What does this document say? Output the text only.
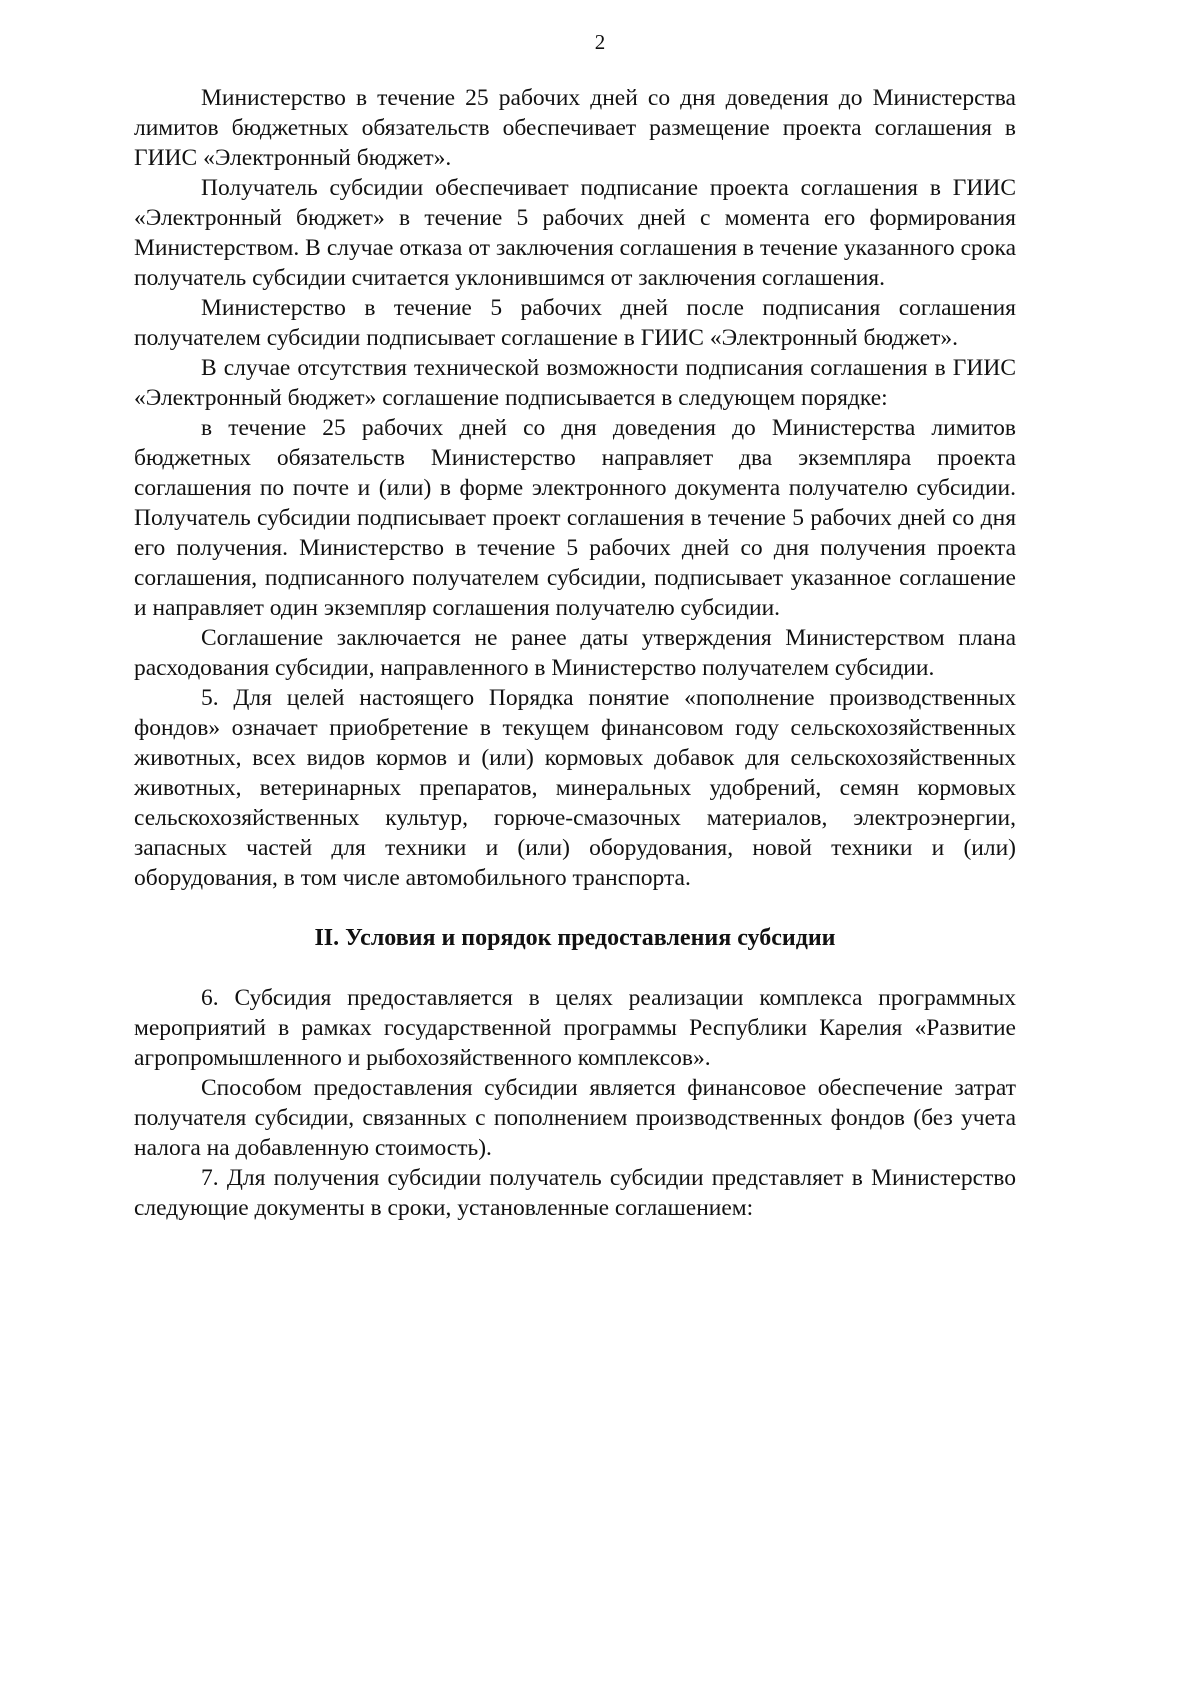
2

Министерство в течение 25 рабочих дней со дня доведения до Министерства лимитов бюджетных обязательств обеспечивает размещение проекта соглашения в ГИИС «Электронный бюджет».

Получатель субсидии обеспечивает подписание проекта соглашения в ГИИС «Электронный бюджет» в течение 5 рабочих дней с момента его формирования Министерством. В случае отказа от заключения соглашения в течение указанного срока получатель субсидии считается уклонившимся от заключения соглашения.

Министерство в течение 5 рабочих дней после подписания соглашения получателем субсидии подписывает соглашение в ГИИС «Электронный бюджет».

В случае отсутствия технической возможности подписания соглашения в ГИИС «Электронный бюджет» соглашение подписывается в следующем порядке:

в течение 25 рабочих дней со дня доведения до Министерства лимитов бюджетных обязательств Министерство направляет два экземпляра проекта соглашения по почте и (или) в форме электронного документа получателю субсидии. Получатель субсидии подписывает проект соглашения в течение 5 рабочих дней со дня его получения. Министерство в течение 5 рабочих дней со дня получения проекта соглашения, подписанного получателем субсидии, подписывает указанное соглашение и направляет один экземпляр соглашения получателю субсидии.

Соглашение заключается не ранее даты утверждения Министерством плана расходования субсидии, направленного в Министерство получателем субсидии.

5. Для целей настоящего Порядка понятие «пополнение производственных фондов» означает приобретение в текущем финансовом году сельскохозяйственных животных, всех видов кормов и (или) кормовых добавок для сельскохозяйственных животных, ветеринарных препаратов, минеральных удобрений, семян кормовых сельскохозяйственных культур, горюче-смазочных материалов, электроэнергии, запасных частей для техники и (или) оборудования, новой техники и (или) оборудования, в том числе автомобильного транспорта.

II. Условия и порядок предоставления субсидии

6. Субсидия предоставляется в целях реализации комплекса программных мероприятий в рамках государственной программы Республики Карелия «Развитие агропромышленного и рыбохозяйственного комплексов».

Способом предоставления субсидии является финансовое обеспечение затрат получателя субсидии, связанных с пополнением производственных фондов (без учета налога на добавленную стоимость).

7. Для получения субсидии получатель субсидии представляет в Министерство следующие документы в сроки, установленные соглашением:
